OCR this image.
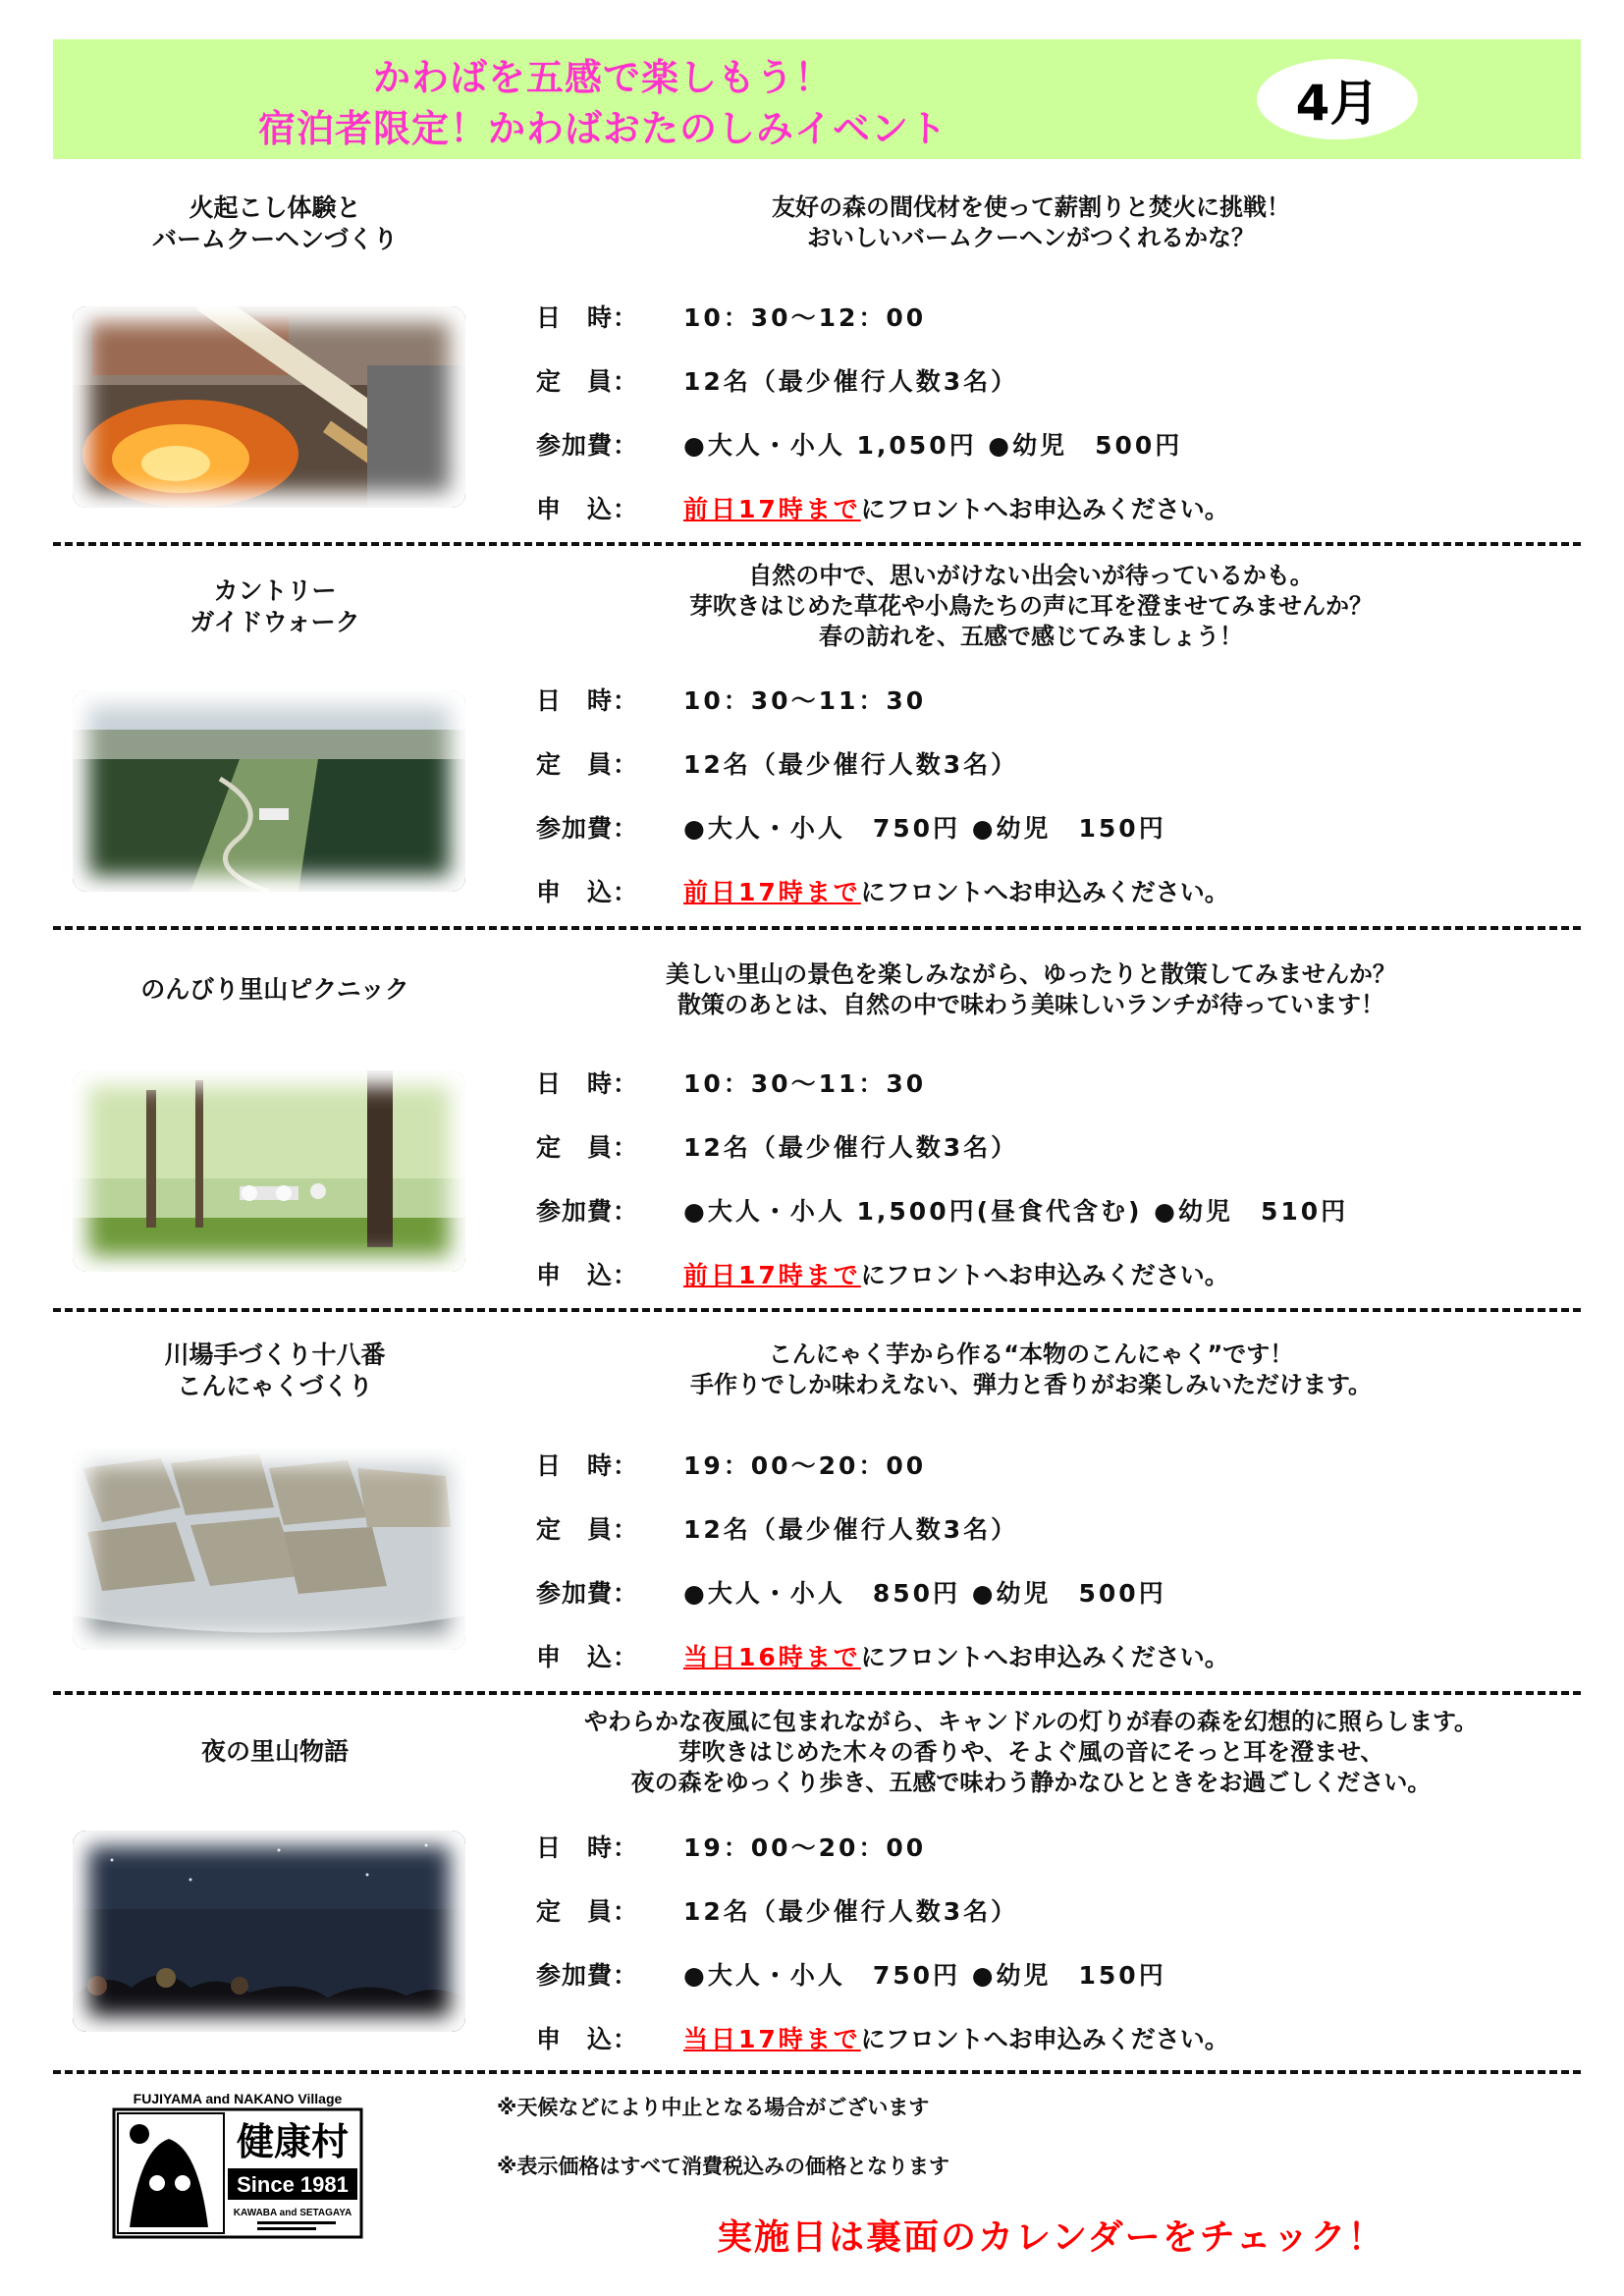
かわばを五感で楽しもう！
宿泊者限定！かわばおたのしみイベント	4月
火起こし体験と
バームクーヘンづくり
友好の森の間伐材を使って薪割りと焚火に挑戦！
おいしいバームクーヘンがつくれるかな？
日　時： 10：30～12：00
定　員： 12名（最少催行人数3名）
参加費： ●大人・小人 1,050円 ●幼児　500円
申　込： 前日17時までにフロントへお申込みください。
カントリー
ガイドウォーク
自然の中で、思いがけない出会いが待っているかも。
芽吹きはじめた草花や小鳥たちの声に耳を澄ませてみませんか？
春の訪れを、五感で感じてみましょう！
日　時： 10：30～11：30
定　員： 12名（最少催行人数3名）
参加費： ●大人・小人　750円 ●幼児　150円
申　込： 前日17時までにフロントへお申込みください。
のんびり里山ピクニック
美しい里山の景色を楽しみながら、ゆったりと散策してみませんか？
散策のあとは、自然の中で味わう美味しいランチが待っています！
日　時： 10：30～11：30
定　員： 12名（最少催行人数3名）
参加費： ●大人・小人 1,500円(昼食代含む) ●幼児　510円
申　込： 前日17時までにフロントへお申込みください。
川場手づくり十八番
こんにゃくづくり
こんにゃく芋から作る“本物のこんにゃく”です！
手作りでしか味わえない、弾力と香りがお楽しみいただけます。
日　時： 19：00～20：00
定　員： 12名（最少催行人数3名）
参加費： ●大人・小人　850円 ●幼児　500円
申　込： 当日16時までにフロントへお申込みください。
夜の里山物語
やわらかな夜風に包まれながら、キャンドルの灯りが春の森を幻想的に照らします。
芽吹きはじめた木々の香りや、そよぐ風の音にそっと耳を澄ませ、
夜の森をゆっくり歩き、五感で味わう静かなひとときをお過ごしください。
日　時： 19：00～20：00
定　員： 12名（最少催行人数3名）
参加費： ●大人・小人　750円 ●幼児　150円
申　込： 当日17時までにフロントへお申込みください。
FUJIYAMA and NAKANO Village
健康村
Since 1981
KAWABA and SETAGAYA
※天候などにより中止となる場合がございます
※表示価格はすべて消費税込みの価格となります
実施日は裏面のカレンダーをチェック！
